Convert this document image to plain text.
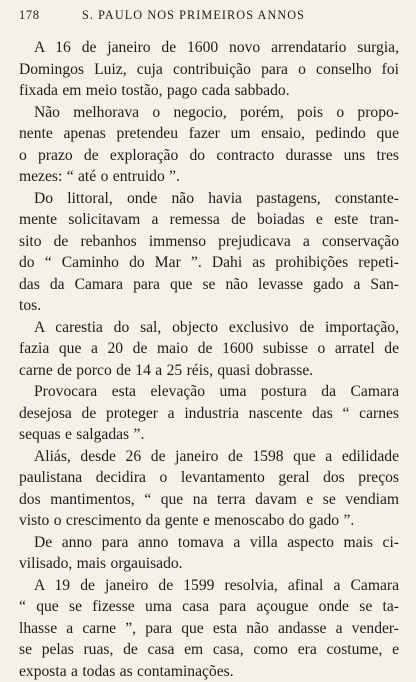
178	S. PAULO NOS PRIMEIROS ANNOS
A 16 de janeiro de 1600 novo arrendatario surgia,
Domingos Luiz, cuja contribuição para o conselho foi
fixada em meio tostão, pago cada sabbado.
Não melhorava o negocio, porém, pois o propo-
nente apenas pretendeu fazer um ensaio, pedindo que
o prazo de exploração do contracto durasse uns tres
mezes: “ até o entruido ”.
Do littoral, onde não havia pastagens, constante-
mente solicitavam a remessa de boiadas e este tran-
sito de rebanhos immenso prejudicava a conservação
do “ Caminho do Mar ”. Dahi as prohibições repeti-
das da Camara para que se não levasse gado a San-
tos.
A carestia do sal, objecto exclusivo de importação,
fazia que a 20 de maio de 1600 subisse o arratel de
carne de porco de 14 a 25 réis, quasi dobrasse.
Provocara esta elevação uma postura da Camara
desejosa de proteger a industria nascente das “ carnes
sequas e salgadas ”.
Aliás, desde 26 de janeiro de 1598 que a edilidade
paulistana decidira o levantamento geral dos preços
dos mantimentos, “ que na terra davam e se vendiam
visto o crescimento da gente e menoscabo do gado ”.
De anno para anno tomava a villa aspecto mais ci-
vilisado, mais orgauisado.
A 19 de janeiro de 1599 resolvia, afinal a Camara
“ que se fizesse uma casa para açougue onde se ta-
lhasse a carne ”, para que esta não andasse a vender-
se pelas ruas, de casa em casa, como era costume, e
exposta a todas as contaminações.
